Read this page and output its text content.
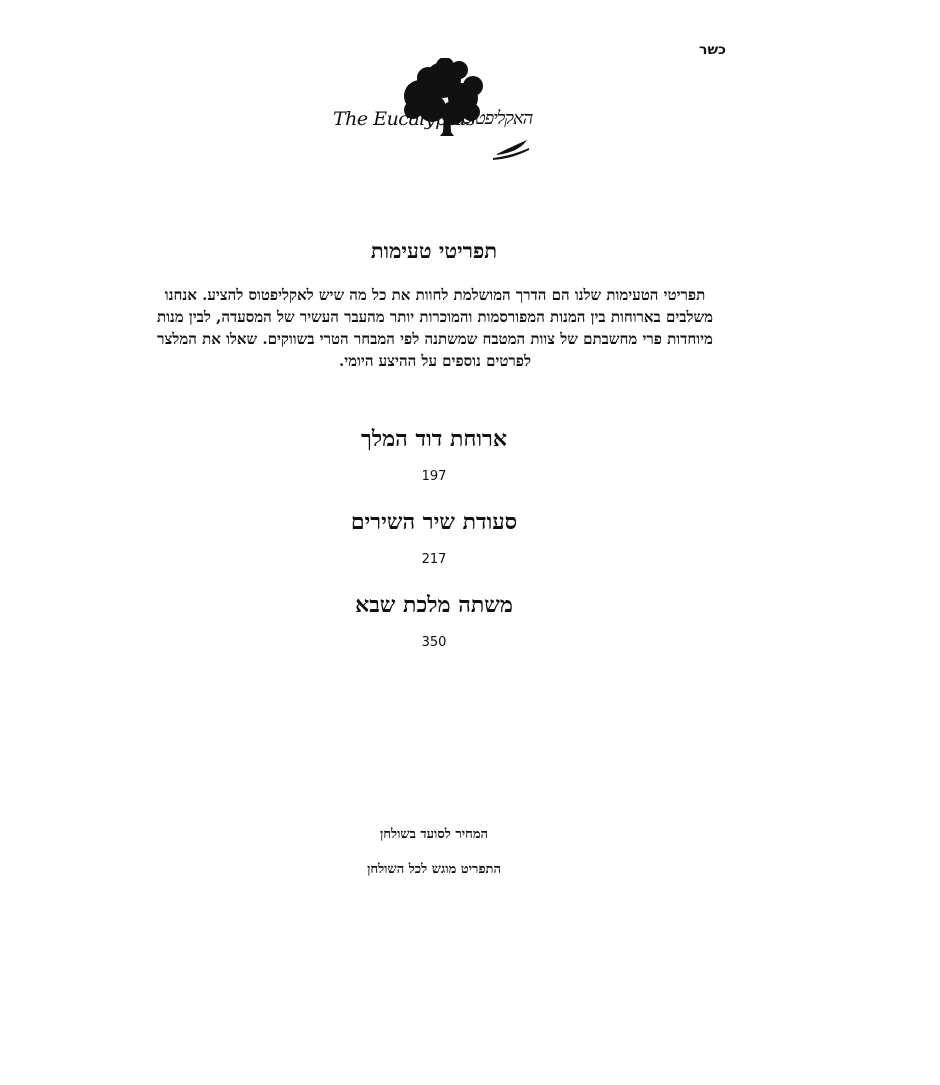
כשר
The Eucalyptus
האקליפטוס
תפריטי טעימות
תפריטי הטעימות שלנו הם הדרך המושלמת לחוות את כל מה שיש לאקליפטוס להציע. אנחנו משלבים בארוחות בין המנות המפורסמות והמוכרות יותר מהעבר העשיר של המסעדה, לבין מנות מיוחדות פרי מחשבתם של צוות המטבח שמשתנה לפי המבחר הטרי בשווקים. שאלו את המלצר לפרטים נוספים על ההיצע היומי.
ארוחת דוד המלך
197
סעודת שיר השירים
217
משתה מלכת שבא
350
המחיר לסועד בשולחן
התפריט מוגש לכל השולחן
